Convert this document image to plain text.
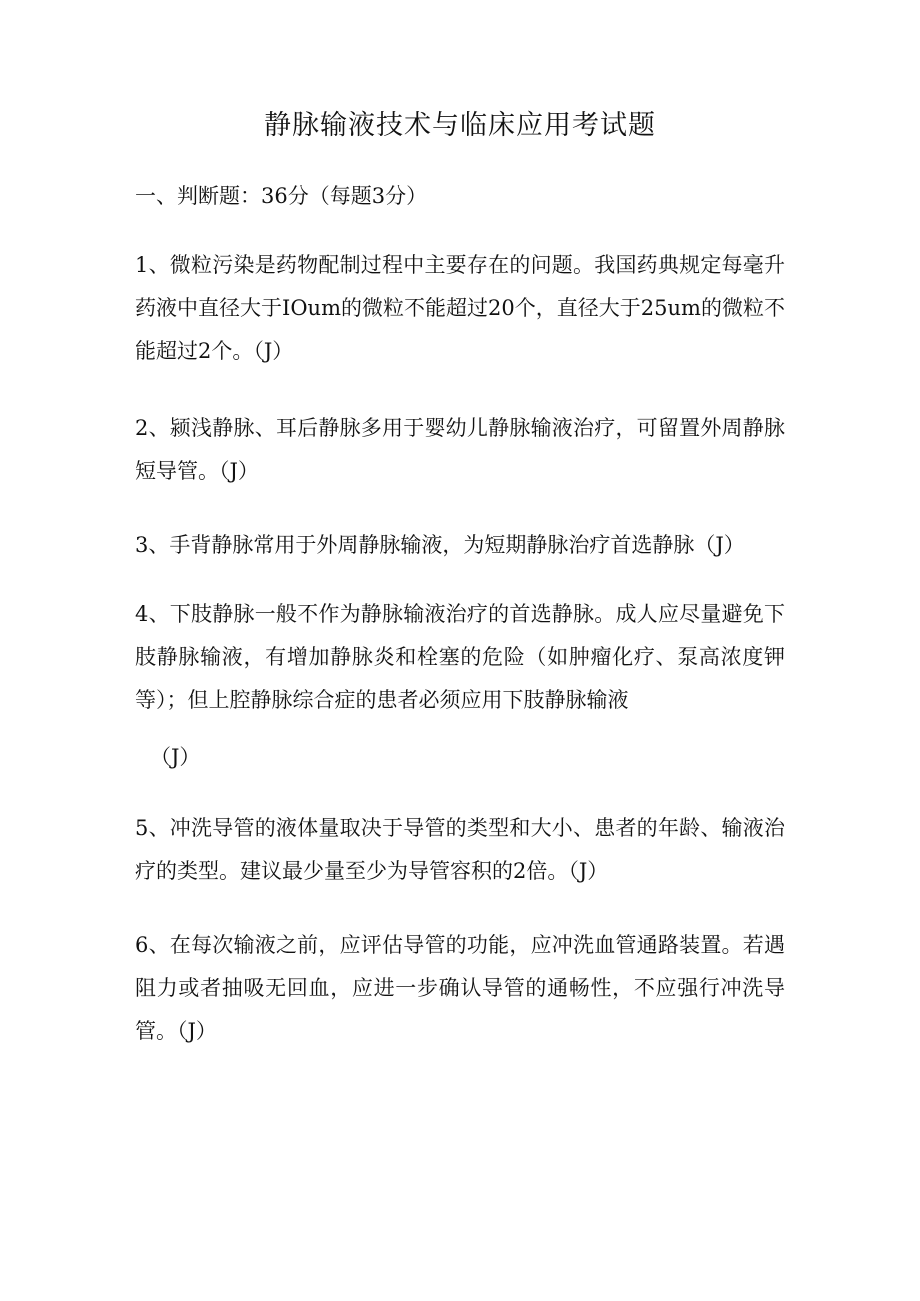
静脉输液技术与临床应用考试题
一、判断题：36分（每题3分）
1、微粒污染是药物配制过程中主要存在的问题。我国药典规定每毫升药液中直径大于IOum的微粒不能超过20个，直径大于25um的微粒不能超过2个。（J）
2、颍浅静脉、耳后静脉多用于婴幼儿静脉输液治疗，可留置外周静脉短导管。（J）
3、手背静脉常用于外周静脉输液，为短期静脉治疗首选静脉（J）
4、下肢静脉一般不作为静脉输液治疗的首选静脉。成人应尽量避免下肢静脉输液，有增加静脉炎和栓塞的危险（如肿瘤化疗、泵高浓度钾等）；但上腔静脉综合症的患者必须应用下肢静脉输液
（J）
5、冲洗导管的液体量取决于导管的类型和大小、患者的年龄、输液治疗的类型。建议最少量至少为导管容积的2倍。（J）
6、在每次输液之前，应评估导管的功能，应冲洗血管通路装置。若遇阻力或者抽吸无回血，应进一步确认导管的通畅性，不应强行冲洗导管。（J）
